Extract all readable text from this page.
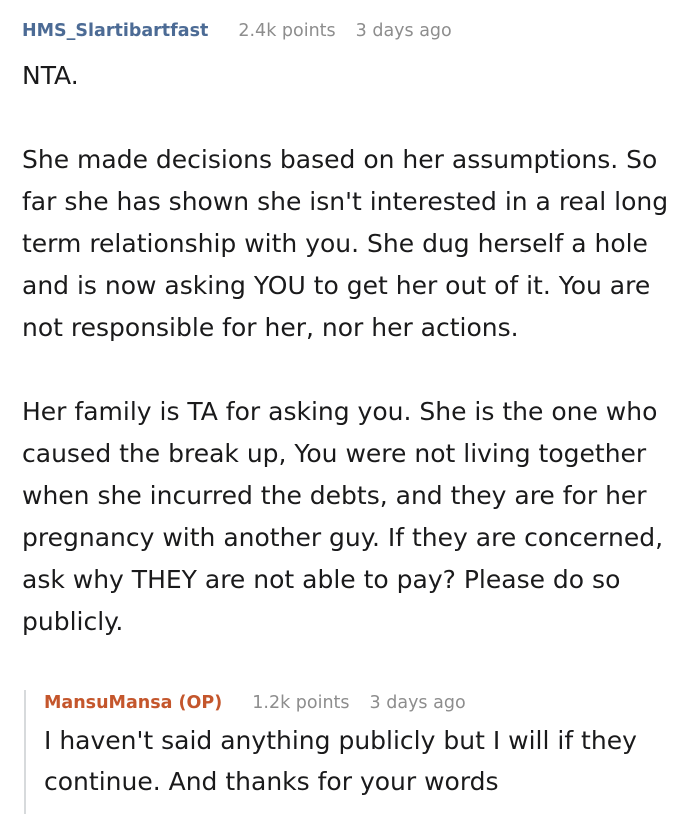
HMS_Slartibartfast 2.4k points 3 days ago

NTA.

She made decisions based on her assumptions. So far she has shown she isn't interested in a real long term relationship with you. She dug herself a hole and is now asking YOU to get her out of it. You are not responsible for her, nor her actions.

Her family is TA for asking you. She is the one who caused the break up, You were not living together when she incurred the debts, and they are for her pregnancy with another guy. If they are concerned, ask why THEY are not able to pay? Please do so publicly.

MansuMansa (OP) 1.2k points 3 days ago

I haven't said anything publicly but I will if they continue. And thanks for your words
